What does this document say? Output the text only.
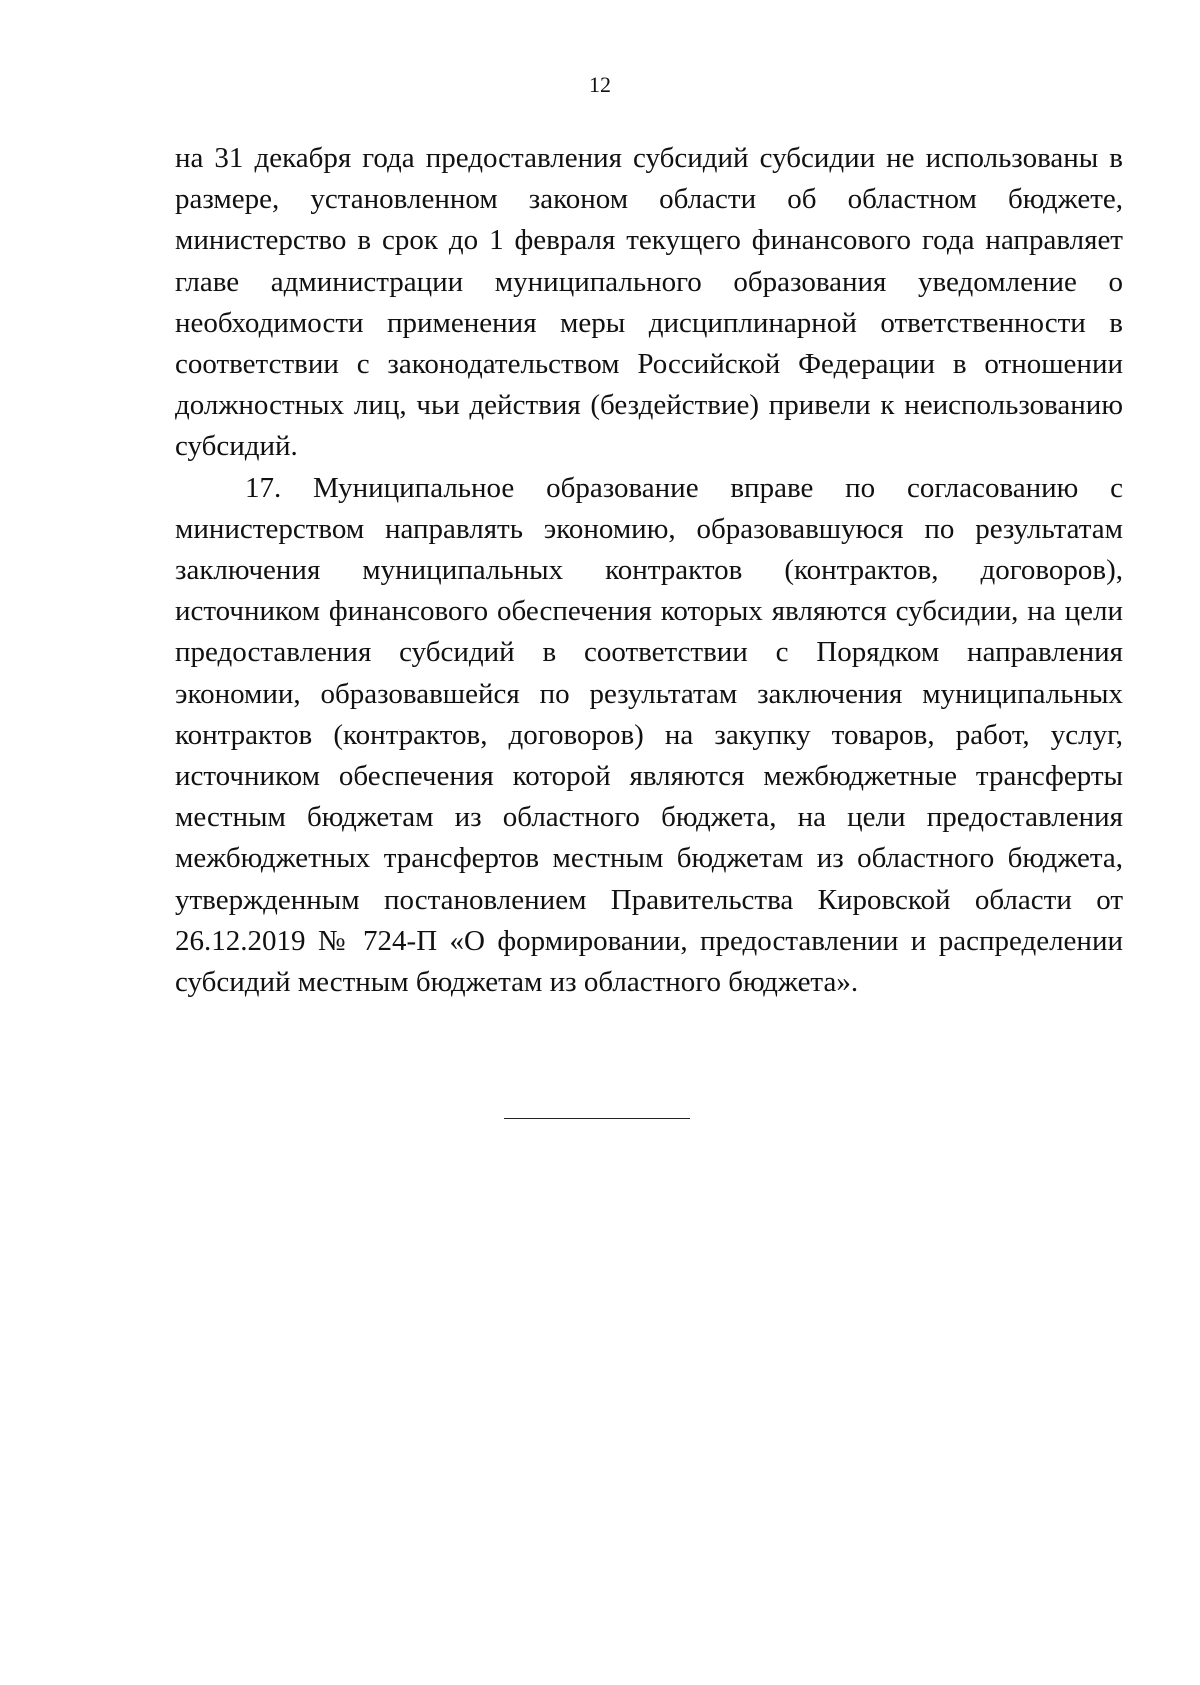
12

на 31 декабря года предоставления субсидий субсидии не использованы в размере, установленном законом области об областном бюджете, министерство в срок до 1 февраля текущего финансового года направляет главе администрации муниципального образования уведомление о необходимости применения меры дисциплинарной ответственности в соответствии с законодательством Российской Федерации в отношении должностных лиц, чьи действия (бездействие) привели к неиспользованию субсидий.

17. Муниципальное образование вправе по согласованию с министерством направлять экономию, образовавшуюся по результатам заключения муниципальных контрактов (контрактов, договоров), источником финансового обеспечения которых являются субсидии, на цели предоставления субсидий в соответствии с Порядком направления экономии, образовавшейся по результатам заключения муниципальных контрактов (контрактов, договоров) на закупку товаров, работ, услуг, источником обеспечения которой являются межбюджетные трансферты местным бюджетам из областного бюджета, на цели предоставления межбюджетных трансфертов местным бюджетам из областного бюджета, утвержденным постановлением Правительства Кировской области от 26.12.2019 № 724-П «О формировании, предоставлении и распределении субсидий местным бюджетам из областного бюджета».
